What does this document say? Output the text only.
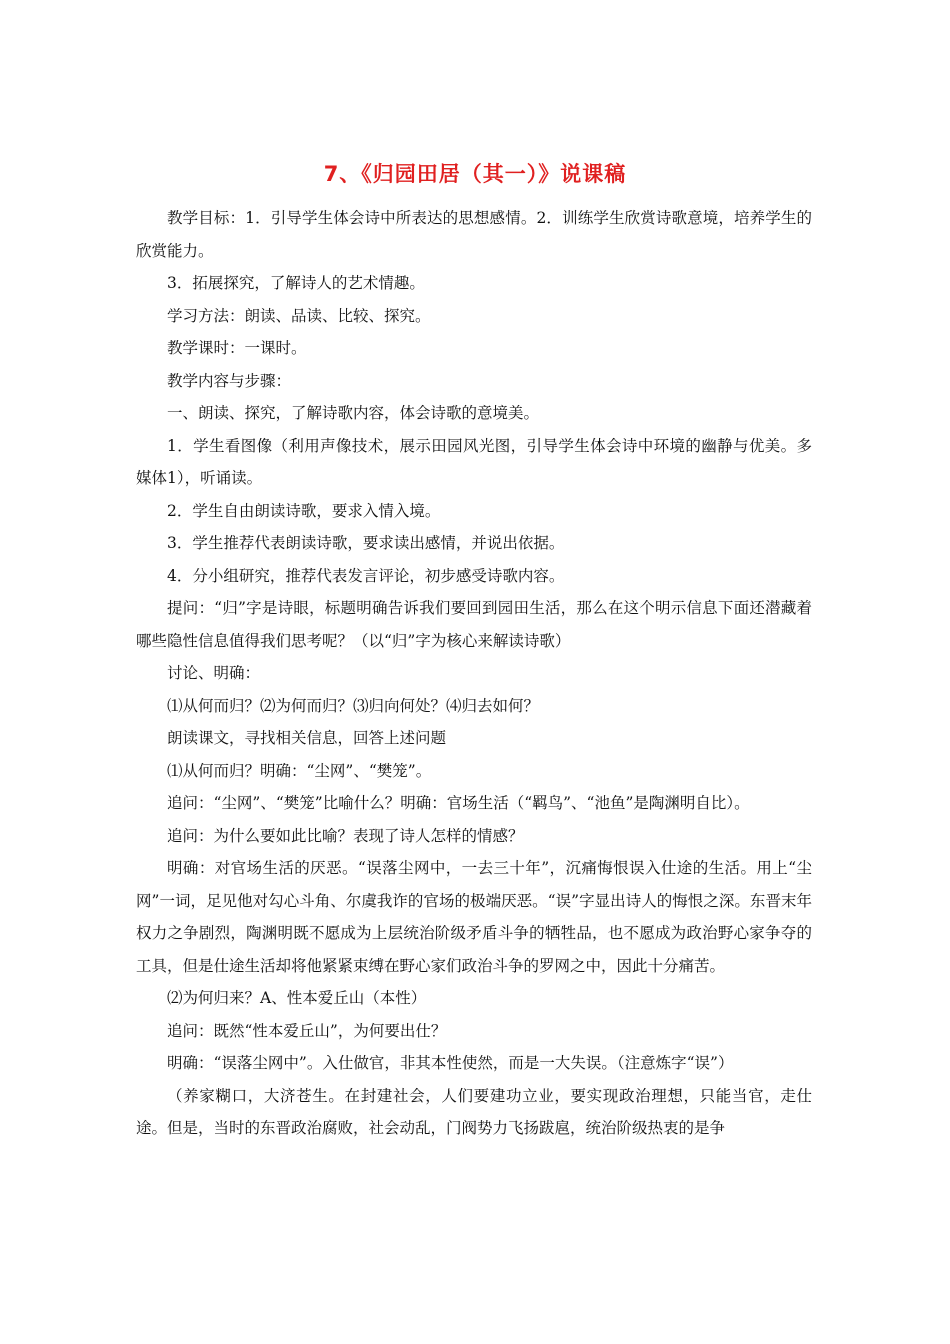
7、《归园田居（其一）》说课稿

教学目标：1．引导学生体会诗中所表达的思想感情。2．训练学生欣赏诗歌意境，培养学生的欣赏能力。

3．拓展探究，了解诗人的艺术情趣。

学习方法：朗读、品读、比较、探究。

教学课时：一课时。

教学内容与步骤：

一、朗读、探究，了解诗歌内容，体会诗歌的意境美。

1．学生看图像（利用声像技术，展示田园风光图，引导学生体会诗中环境的幽静与优美。多媒体1），听诵读。

2．学生自由朗读诗歌，要求入情入境。

3．学生推荐代表朗读诗歌，要求读出感情，并说出依据。

4．分小组研究，推荐代表发言评论，初步感受诗歌内容。

提问：“归”字是诗眼，标题明确告诉我们要回到园田生活，那么在这个明示信息下面还潜藏着哪些隐性信息值得我们思考呢？（以“归”字为核心来解读诗歌）

讨论、明确：

⑴从何而归？⑵为何而归？⑶归向何处？⑷归去如何？

朗读课文，寻找相关信息，回答上述问题

⑴从何而归？明确：“尘网”、“樊笼”。

追问：“尘网”、“樊笼”比喻什么？明确：官场生活（“羁鸟”、“池鱼”是陶渊明自比）。

追问：为什么要如此比喻？表现了诗人怎样的情感？

明确：对官场生活的厌恶。“误落尘网中，一去三十年”，沉痛悔恨误入仕途的生活。用上“尘网”一词，足见他对勾心斗角、尔虞我诈的官场的极端厌恶。“误”字显出诗人的悔恨之深。东晋末年权力之争剧烈，陶渊明既不愿成为上层统治阶级矛盾斗争的牺牲品，也不愿成为政治野心家争夺的工具，但是仕途生活却将他紧紧束缚在野心家们政治斗争的罗网之中，因此十分痛苦。

⑵为何归来？A、性本爱丘山（本性）

追问：既然“性本爱丘山”，为何要出仕？

明确：“误落尘网中”。入仕做官，非其本性使然，而是一大失误。（注意炼字“误”）

（养家糊口，大济苍生。在封建社会，人们要建功立业，要实现政治理想，只能当官，走仕途。但是，当时的东晋政治腐败，社会动乱，门阀势力飞扬跋扈，统治阶级热衷的是争
